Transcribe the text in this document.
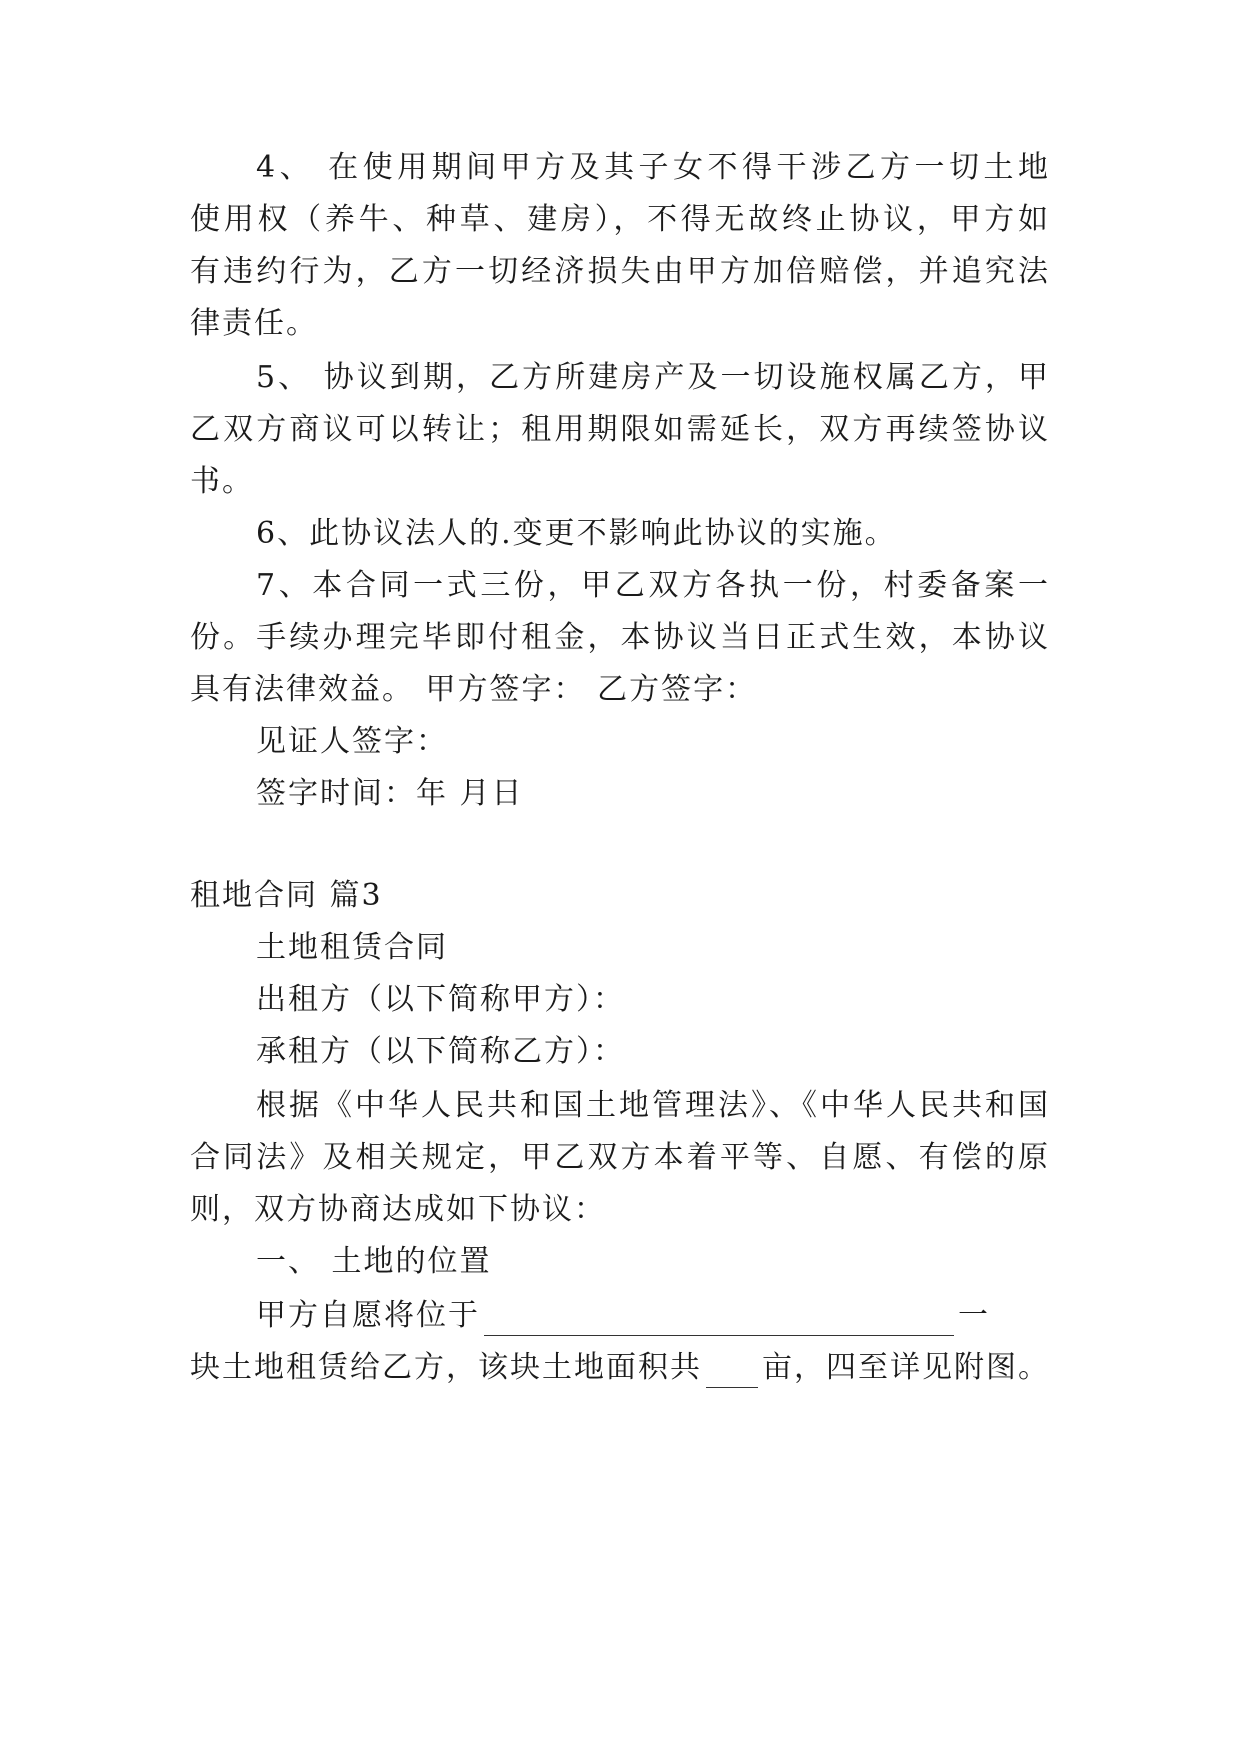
4、 在使用期间甲方及其子女不得干涉乙方一切土地
使用权（养牛、种草、建房），不得无故终止协议，甲方如
有违约行为，乙方一切经济损失由甲方加倍赔偿，并追究法
律责任。
5、 协议到期，乙方所建房产及一切设施权属乙方，甲
乙双方商议可以转让；租用期限如需延长，双方再续签协议
书。
6、此协议法人的.变更不影响此协议的实施。
7、本合同一式三份，甲乙双方各执一份，村委备案一
份。手续办理完毕即付租金，本协议当日正式生效，本协议
具有法律效益。 甲方签字： 乙方签字：
见证人签字：
签字时间：年 月日
租地合同 篇3
土地租赁合同
出租方（以下简称甲方）：
承租方（以下简称乙方）：
根据《中华人民共和国土地管理法》、《中华人民共和国
合同法》及相关规定，甲乙双方本着平等、自愿、有偿的原
则，双方协商达成如下协议：
一、 土地的位置
甲方自愿将位于	一
块土地租赁给乙方，该块土地面积共 亩，四至详见附图。
